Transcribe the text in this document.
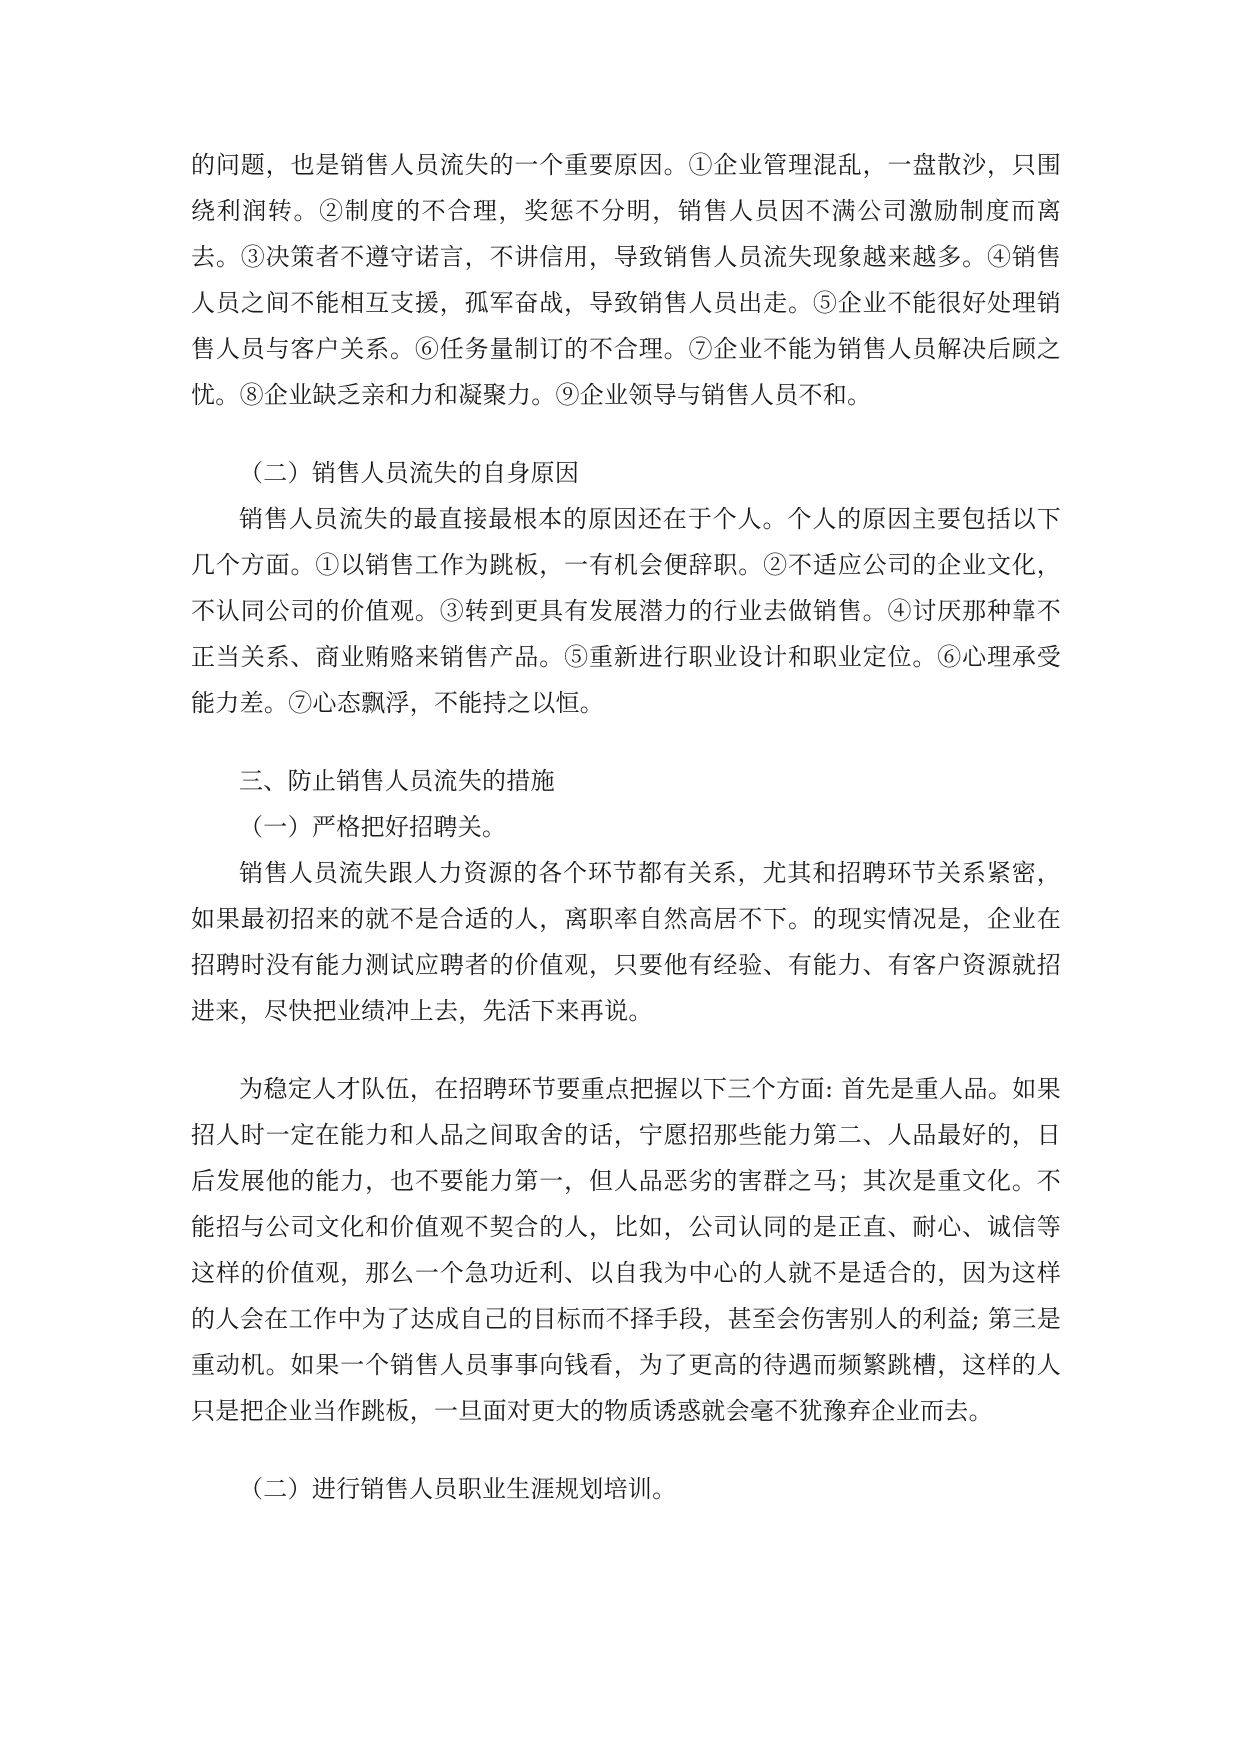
的问题，也是销售人员流失的一个重要原因。①企业管理混乱，一盘散沙，只围绕利润转。②制度的不合理，奖惩不分明，销售人员因不满公司激励制度而离去。③决策者不遵守诺言，不讲信用，导致销售人员流失现象越来越多。④销售人员之间不能相互支援，孤军奋战，导致销售人员出走。⑤企业不能很好处理销售人员与客户关系。⑥任务量制订的不合理。⑦企业不能为销售人员解决后顾之忧。⑧企业缺乏亲和力和凝聚力。⑨企业领导与销售人员不和。

（二）销售人员流失的自身原因

销售人员流失的最直接最根本的原因还在于个人。个人的原因主要包括以下几个方面。①以销售工作为跳板，一有机会便辞职。②不适应公司的企业文化，不认同公司的价值观。③转到更具有发展潜力的行业去做销售。④讨厌那种靠不正当关系、商业贿赂来销售产品。⑤重新进行职业设计和职业定位。⑥心理承受能力差。⑦心态飘浮，不能持之以恒。

三、防止销售人员流失的措施

（一）严格把好招聘关。

销售人员流失跟人力资源的各个环节都有关系，尤其和招聘环节关系紧密，如果最初招来的就不是合适的人，离职率自然高居不下。的现实情况是，企业在招聘时没有能力测试应聘者的价值观，只要他有经验、有能力、有客户资源就招进来，尽快把业绩冲上去，先活下来再说。

为稳定人才队伍，在招聘环节要重点把握以下三个方面: 首先是重人品。如果招人时一定在能力和人品之间取舍的话，宁愿招那些能力第二、人品最好的，日后发展他的能力，也不要能力第一，但人品恶劣的害群之马；其次是重文化。不能招与公司文化和价值观不契合的人，比如，公司认同的是正直、耐心、诚信等这样的价值观，那么一个急功近利、以自我为中心的人就不是适合的，因为这样的人会在工作中为了达成自己的目标而不择手段，甚至会伤害别人的利益; 第三是重动机。如果一个销售人员事事向钱看，为了更高的待遇而频繁跳槽，这样的人只是把企业当作跳板，一旦面对更大的物质诱惑就会毫不犹豫弃企业而去。

（二）进行销售人员职业生涯规划培训。
